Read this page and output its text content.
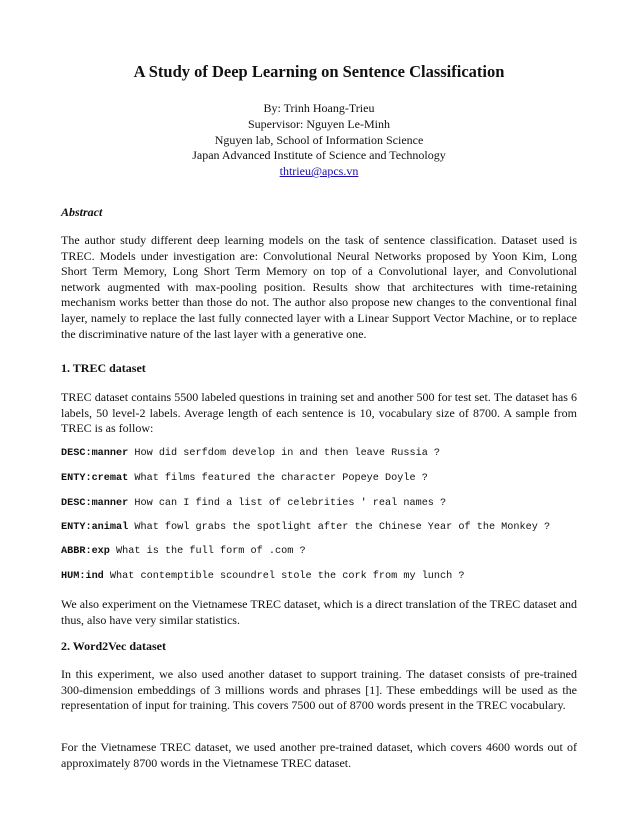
A Study of Deep Learning on Sentence Classification
By: Trinh Hoang-Trieu
Supervisor: Nguyen Le-Minh
Nguyen lab, School of Information Science
Japan Advanced Institute of Science and Technology
thtrieu@apcs.vn
Abstract

The author study different deep learning models on the task of sentence classification. Dataset used is TREC. Models under investigation are: Convolutional Neural Networks proposed by Yoon Kim, Long Short Term Memory, Long Short Term Memory on top of a Convolutional layer, and Convolutional network augmented with max-pooling position. Results show that architectures with time-retaining mechanism works better than those do not. The author also propose new changes to the conventional final layer, namely to replace the last fully connected layer with a Linear Support Vector Machine, or to replace the discriminative nature of the last layer with a generative one.

1. TREC dataset

TREC dataset contains 5500 labeled questions in training set and another 500 for test set. The dataset has 6 labels, 50 level-2 labels. Average length of each sentence is 10, vocabulary size of 8700. A sample from TREC is as follow:

DESC:manner How did serfdom develop in and then leave Russia ?
ENTY:cremat What films featured the character Popeye Doyle ?
DESC:manner How can I find a list of celebrities ' real names ?
ENTY:animal What fowl grabs the spotlight after the Chinese Year of the Monkey ?
ABBR:exp What is the full form of .com ?
HUM:ind What contemptible scoundrel stole the cork from my lunch ?

We also experiment on the Vietnamese TREC dataset, which is a direct translation of the TREC dataset and thus, also have very similar statistics.

2. Word2Vec dataset

In this experiment, we also used another dataset to support training. The dataset consists of pre-trained 300-dimension embeddings of 3 millions words and phrases [1]. These embeddings will be used as the representation of input for training. This covers 7500 out of 8700 words present in the TREC vocabulary.

For the Vietnamese TREC dataset, we used another pre-trained dataset, which covers 4600 words out of approximately 8700 words in the Vietnamese TREC dataset.
